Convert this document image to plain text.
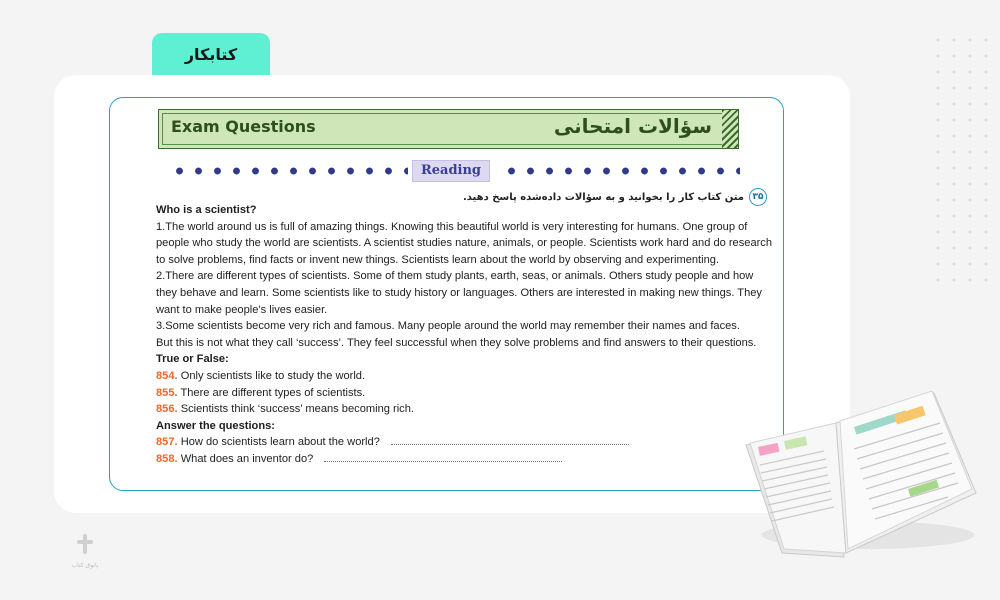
کتابکار
Exam Questions	سؤالات امتحانی
Reading
۳۵
متن کتاب کار را بخوانید و به سؤالات داده‌شده پاسخ دهید.
Who is a scientist?
1.The world around us is full of amazing things. Knowing this beautiful world is very interesting for humans. One group of
people who study the world are scientists. A scientist studies nature, animals, or people. Scientists work hard and do research
to solve problems, find facts or invent new things. Scientists learn about the world by observing and experimenting.
2.There are different types of scientists. Some of them study plants, earth, seas, or animals. Others study people and how
they behave and learn. Some scientists like to study history or languages. Others are interested in making new things. They
want to make people’s lives easier.
3.Some scientists become very rich and famous. Many people around the world may remember their names and faces.
But this is not what they call ‘success’. They feel successful when they solve problems and find answers to their questions.
True or False:
854. Only scientists like to study the world.
855. There are different types of scientists.
856. Scientists think ‘success’ means becoming rich.
Answer the questions:
857. How do scientists learn about the world?
858. What does an inventor do?
پاتوق کتاب
